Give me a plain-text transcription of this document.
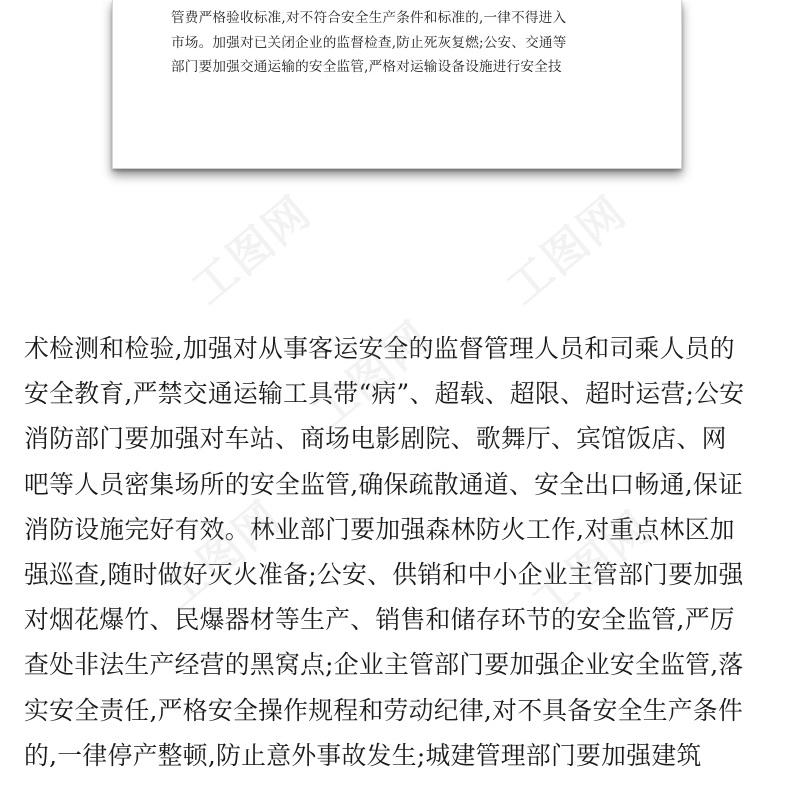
管费严格验收标准,对不符合安全生产条件和标准的,一律不得进入
市场。加强对已关闭企业的监督检查,防止死灰复燃;公安、交通等
部门要加强交通运输的安全监管,严格对运输设备设施进行安全技
术检测和检验,加强对从事客运安全的监督管理人员和司乘人员的
安全教育,严禁交通运输工具带“病”、超载、超限、超时运营;公安
消防部门要加强对车站、商场电影剧院、歌舞厅、宾馆饭店、网
吧等人员密集场所的安全监管,确保疏散通道、安全出口畅通,保证
消防设施完好有效。林业部门要加强森林防火工作,对重点林区加
强巡查,随时做好灭火准备;公安、供销和中小企业主管部门要加强
对烟花爆竹、民爆器材等生产、销售和储存环节的安全监管,严厉
查处非法生产经营的黑窝点;企业主管部门要加强企业安全监管,落
实安全责任,严格安全操作规程和劳动纪律,对不具备安全生产条件
的,一律停产整顿,防止意外事故发生;城建管理部门要加强建筑
工图网	工图网
工图网
工图网	工图网
